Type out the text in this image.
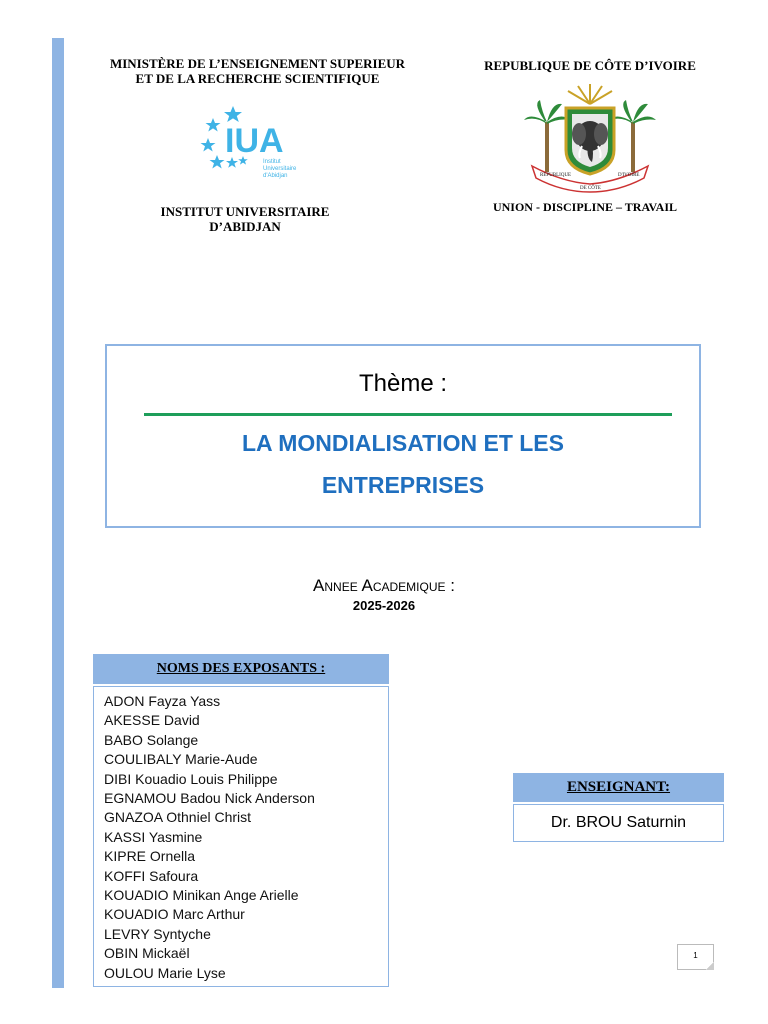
MINISTÈRE DE L’ENSEIGNEMENT SUPERIEUR
ET DE LA RECHERCHE SCIENTIFIQUE
REPUBLIQUE DE CÔTE D’IVOIRE
IUA
Institut
Universitaire
d'Abidjan	REPUBLIQUE	D'IVOIRE
DE CÔTE
INSTITUT UNIVERSITAIRE
D’ABIDJAN
UNION - DISCIPLINE – TRAVAIL
Thème :
LA MONDIALISATION ET LES
ENTREPRISES
Annee Academique :
2025-2026
NOMS DES EXPOSANTS :
ADON Fayza Yass
AKESSE David
BABO Solange
COULIBALY Marie-Aude
DIBI Kouadio Louis Philippe
EGNAMOU Badou Nick Anderson
GNAZOA Othniel Christ
KASSI Yasmine
KIPRE Ornella
KOFFI Safoura
KOUADIO Minikan Ange Arielle
KOUADIO Marc Arthur
LEVRY Syntyche
OBIN Mickaël
OULOU Marie Lyse
ENSEIGNANT:
Dr. BROU Saturnin
1
